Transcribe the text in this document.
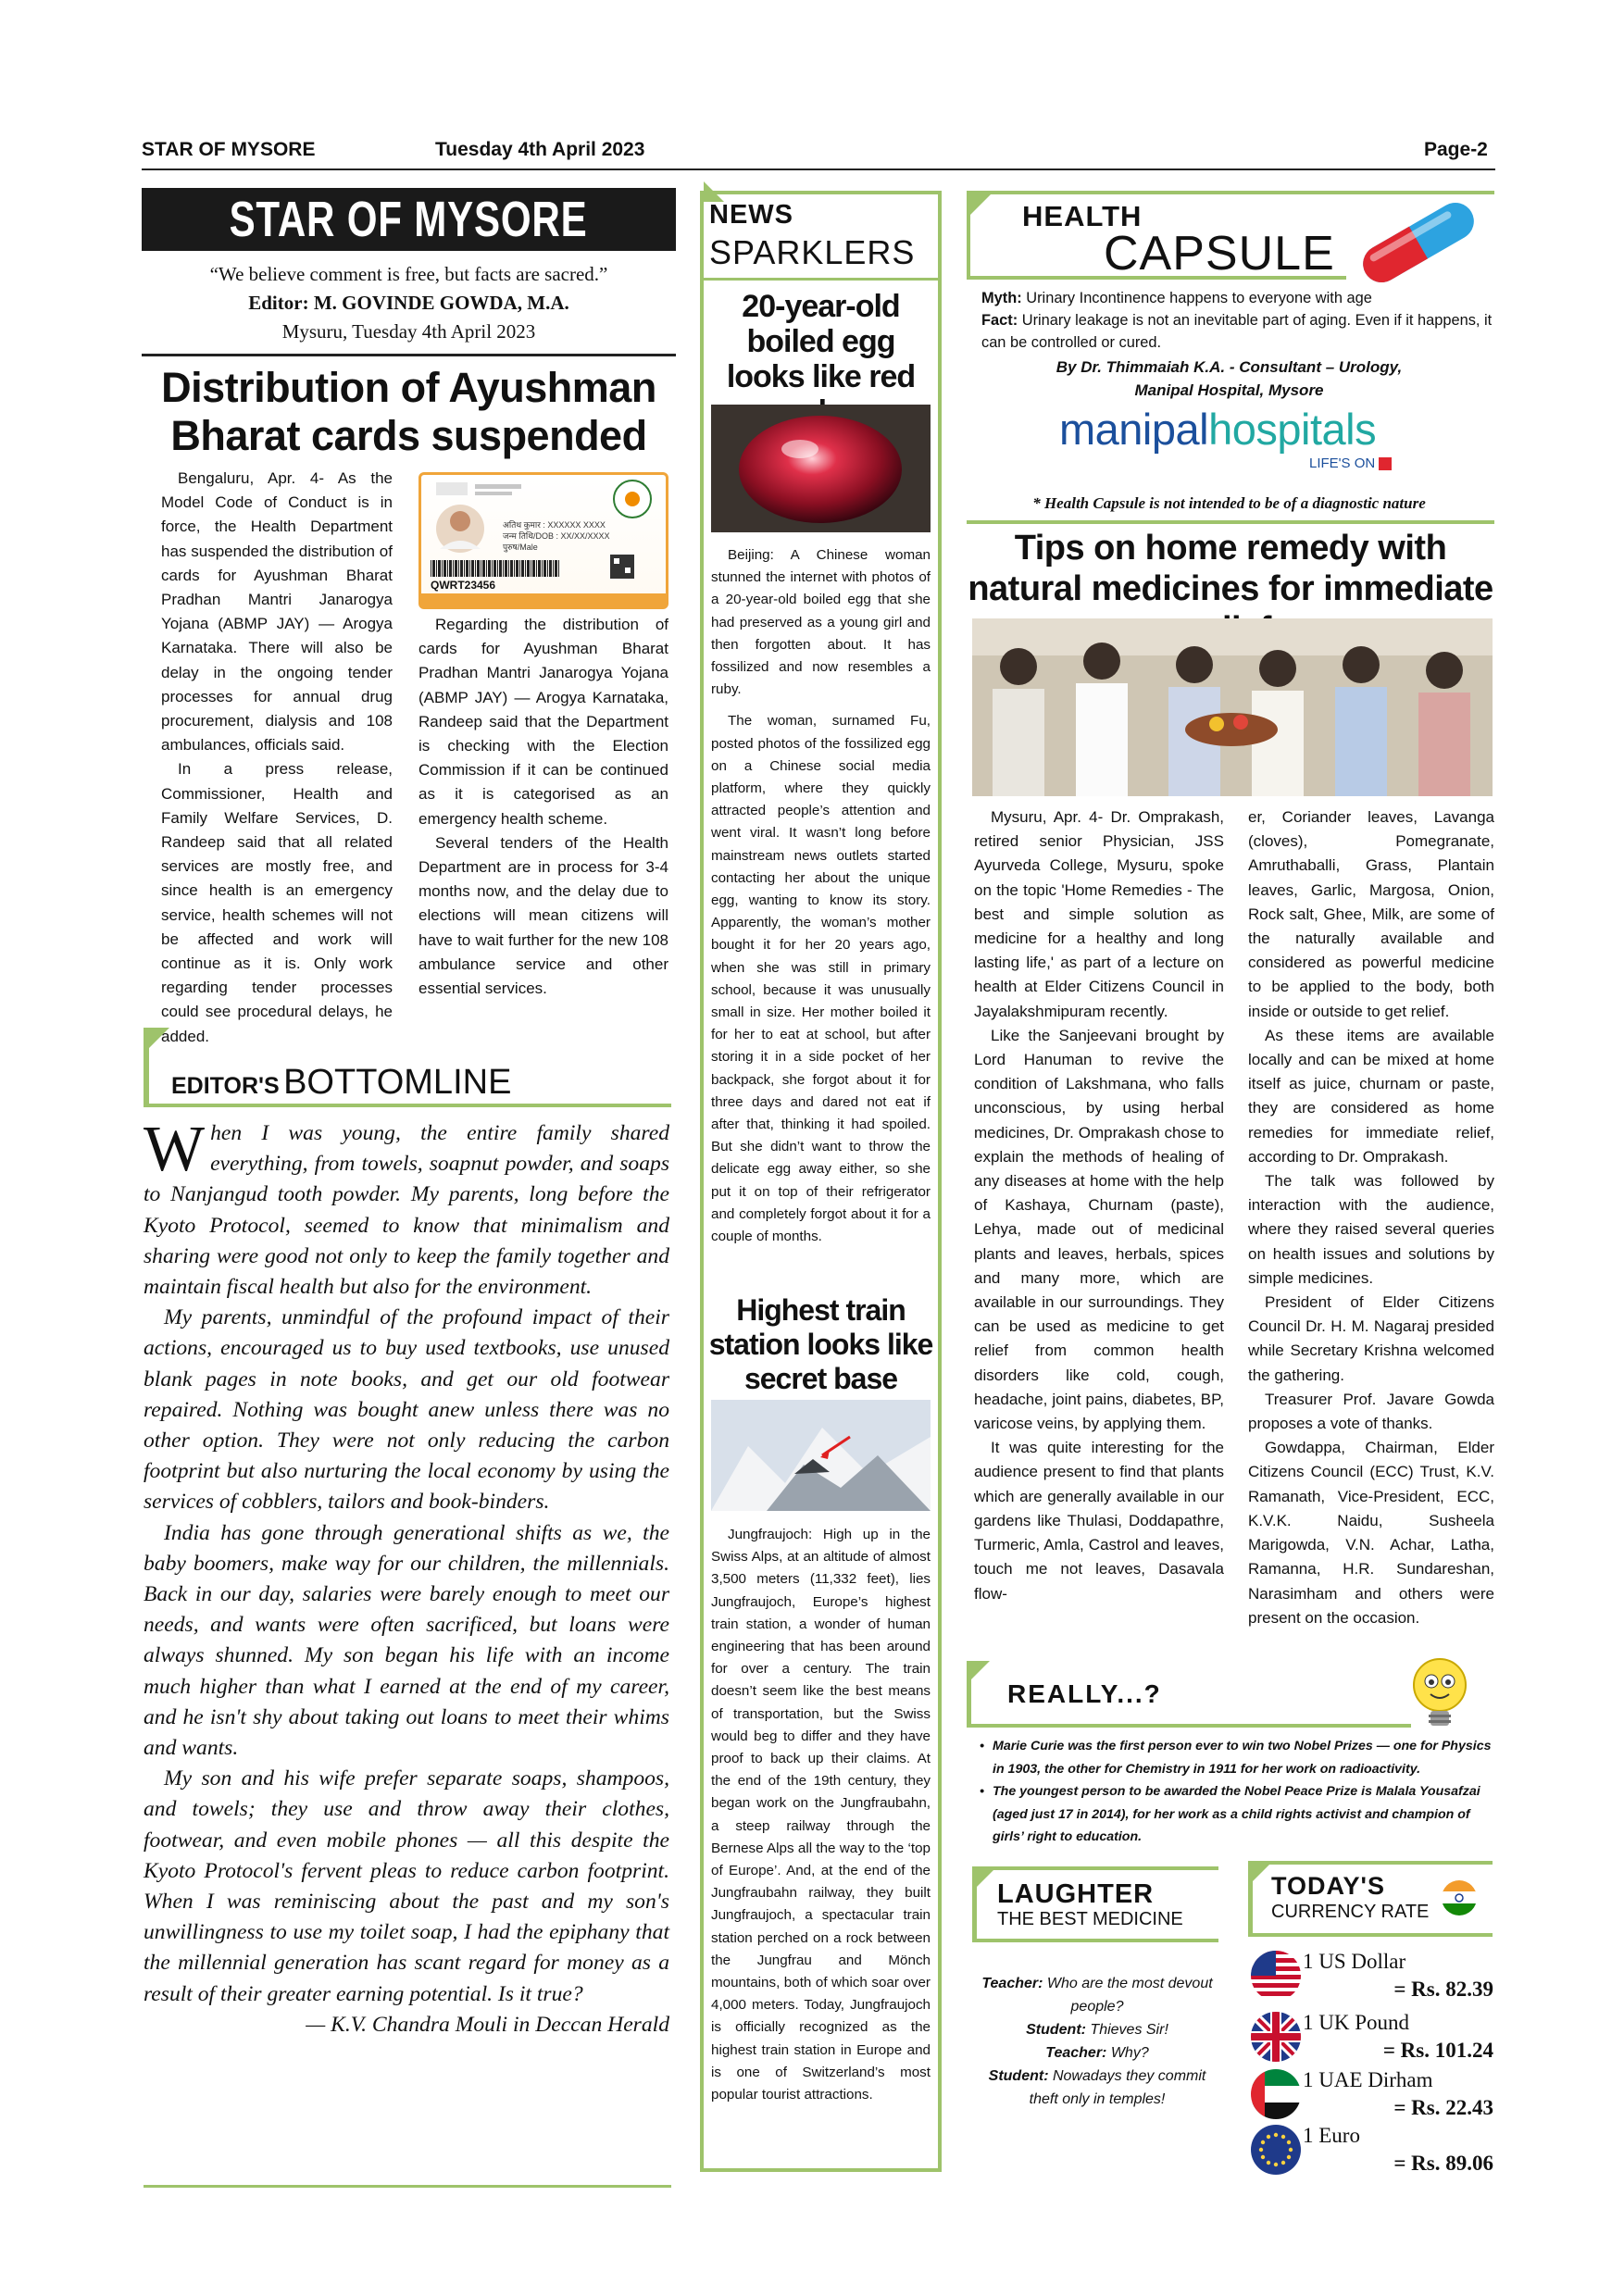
STAR OF MYSORE	Tuesday 4th April 2023	Page-2
STAR OF MYSORE
“We believe comment is free, but facts are sacred.”
Editor: M. GOVINDE GOWDA, M.A.
Mysuru, Tuesday 4th April 2023
Distribution of Ayushman Bharat cards suspended

Bengaluru, Apr. 4- As the Model Code of Conduct is in force, the Health Department has suspended the distribution of cards for Ayushman Bharat Pradhan Mantri Janarogya Yojana (ABMP JAY) — Arogya Karnataka. There will also be delay in the ongoing tender processes for annual drug procurement, dialysis and 108 ambulances, officials said.

In a press release, Commissioner, Health and Family Welfare Services, D. Randeep said that all related services are mostly free, and since health is an emergency service, health schemes will not be affected and work will continue as it is. Only work regarding tender processes could see procedural delays, he added.

अतिथ कुमार : XXXXXX XXXX
जन्म तिथि/DOB : XX/XX/XXXX
पुरुष/Male
QWRT23456

Regarding the distribution of cards for Ayushman Bharat Pradhan Mantri Janarogya Yojana (ABMP JAY) — Arogya Karnataka, Randeep said that the Department is checking with the Election Commission if it can be continued as it is categorised as an emergency health scheme.

Several tenders of the Health Department are in process for 3-4 months now, and the delay due to elections will mean citizens will have to wait further for the new 108 ambulance service and other essential services.

EDITOR'S BOTTOMLINE

When I was young, the entire family shared everything, from towels, soapnut powder, and soaps to Nanjangud tooth powder. My parents, long before the Kyoto Protocol, seemed to know that minimalism and sharing were good not only to keep the family together and maintain fiscal health but also for the environment.

My parents, unmindful of the profound impact of their actions, encouraged us to buy used textbooks, use unused blank pages in note books, and get our old footwear repaired. Nothing was bought anew unless there was no other option. They were not only reducing the carbon footprint but also nurturing the local economy by using the services of cobblers, tailors and book-binders.

India has gone through generational shifts as we, the baby boomers, make way for our children, the millennials. Back in our day, salaries were barely enough to meet our needs, and wants were often sacrificed, but loans were always shunned. My son began his life with an income much higher than what I earned at the end of my career, and he isn't shy about taking out loans to meet their whims and wants.

My son and his wife prefer separate soaps, shampoos, and towels; they use and throw away their clothes, footwear, and even mobile phones — all this despite the Kyoto Protocol's fervent pleas to reduce carbon footprint. When I was reminiscing about the past and my son's unwillingness to use my toilet soap, I had the epiphany that the millennial generation has scant regard for money as a result of their greater earning potential. Is it true?

— K.V. Chandra Mouli in Deccan Herald

NEWS
SPARKLERS
20-year-old boiled egg looks like red

Beijing: A Chinese woman stunned the internet with photos of a 20-year-old boiled egg that she had preserved as a young girl and then forgotten about. It has fossilized and now resembles a ruby.

The woman, surnamed Fu, posted photos of the fossilized egg on a Chinese social media platform, where they quickly attracted people’s attention and went viral. It wasn’t long before mainstream news outlets started contacting her about the unique egg, wanting to know its story. Apparently, the woman’s mother bought it for her 20 years ago, when she was still in primary school, because it was unusually small in size. Her mother boiled it for her to eat at school, but after storing it in a side pocket of her backpack, she forgot about it for three days and dared not eat if after that, thinking it had spoiled. But she didn’t want to throw the delicate egg away either, so she put it on top of their refrigerator and completely forgot about it for a couple of months.

Highest train station looks like secret base

Jungfraujoch: High up in the Swiss Alps, at an altitude of almost 3,500 meters (11,332 feet), lies Jungfraujoch, Europe’s highest train station, a wonder of human engineering that has been around for over a century. The train doesn’t seem like the best means of transportation, but the Swiss would beg to differ and they have proof to back up their claims. At the end of the 19th century, they began work on the Jungfraubahn, a steep railway through the Bernese Alps all the way to the ‘top of Europe’. And, at the end of the Jungfraubahn railway, they built Jungfraujoch, a spectacular train station perched on a rock between the Jungfrau and Mönch mountains, both of which soar over 4,000 meters. Today, Jungfraujoch is officially recognized as the highest train station in Europe and is one of Switzerland’s most popular tourist attractions.

HEALTH
CAPSULE

Myth: Urinary Incontinence happens to everyone with age

Fact: Urinary leakage is not an inevitable part of aging. Even if it happens, it can be controlled or cured.

By Dr. Thimmaiah K.A. - Consultant – Urology,
Manipal Hospital, Mysore
manipalhospitals
LIFE'S ON
* Health Capsule is not intended to be of a diagnostic nature
Tips on home remedy with natural medicines for immediate

Mysuru, Apr. 4- Dr. Omprakash, retired senior Physician, JSS Ayurveda College, Mysuru, spoke on the topic 'Home Remedies - The best and simple solution as medicine for a healthy and long lasting life,' as part of a lecture on health at Elder Citizens Council in Jayalakshmipuram recently.

Like the Sanjeevani brought by Lord Hanuman to revive the condition of Lakshmana, who falls unconscious, by using herbal medicines, Dr. Omprakash chose to explain the methods of healing of any diseases at home with the help of Kashaya, Churnam (paste), Lehya, made out of medicinal plants and leaves, herbals, spices and many more, which are available in our surroundings. They can be used as medicine to get relief from common health disorders like cold, cough, headache, joint pains, diabetes, BP, varicose veins, by applying them.

It was quite interesting for the audience present to find that plants which are generally available in our gardens like Thulasi, Doddapathre, Turmeric, Amla, Castrol and leaves, touch me not leaves, Dasavala flow-

er, Coriander leaves, Lavanga (cloves), Pomegranate, Amruthaballi, Grass, Plantain leaves, Garlic, Margosa, Onion, Rock salt, Ghee, Milk, are some of the naturally available and considered as powerful medicine to be applied to the body, both inside or outside to get relief.

As these items are available locally and can be mixed at home itself as juice, churnam or paste, they are considered as home remedies for immediate relief, according to Dr. Omprakash.

The talk was followed by interaction with the audience, where they raised several queries on health issues and solutions by simple medicines.

President of Elder Citizens Council Dr. H. M. Nagaraj presided while Secretary Krishna welcomed the gathering.

Treasurer Prof. Javare Gowda proposes a vote of thanks.

Gowdappa, Chairman, Elder Citizens Council (ECC) Trust, K.V. Ramanath, Vice-President, ECC, K.V.K. Naidu, Susheela Marigowda, V.N. Achar, Latha, Ramanna, H.R. Sundareshan, Narasimham and others were present on the occasion.

REALLY...?
• Marie Curie was the first person ever to win two Nobel Prizes — one for Physics in 1903, the other for Chemistry in 1911 for her work on radioactivity.
• The youngest person to be awarded the Nobel Peace Prize is Malala Yousafzai (aged just 17 in 2014), for her work as a child rights activist and champion of girls’ right to education.
LAUGHTER
THE BEST MEDICINE

Teacher: Who are the most devout people?

Student: Thieves Sir!

Teacher: Why?

Student: Nowadays they commit theft only in temples!

TODAY'S
CURRENCY RATE
1 US Dollar
= Rs. 82.39
1 UK Pound
= Rs. 101.24
1 UAE Dirham
= Rs. 22.43
1 Euro
= Rs. 89.06
